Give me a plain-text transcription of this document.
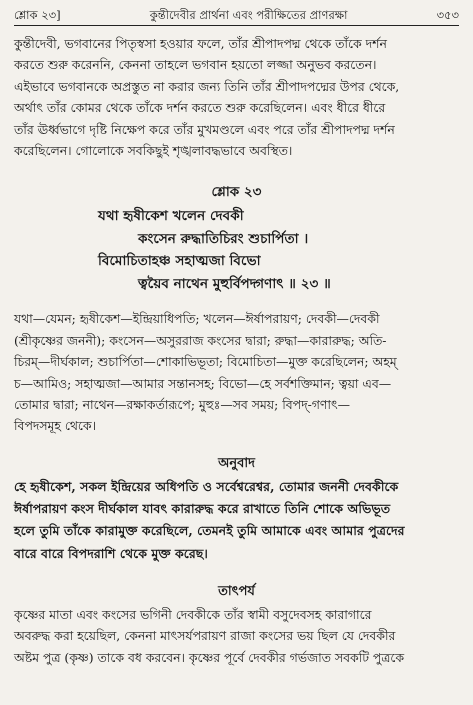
শ্লোক ২৩]	কুন্তীদেবীর প্রার্থনা এবং পরীক্ষিতের প্রাণরক্ষা	৩৫৩

কুন্তীদেবী, ভগবানের পিতৃস্বসা হওয়ার ফলে, তাঁর শ্রীপাদপদ্ম থেকে তাঁকে দর্শন

করতে শুরু করেননি, কেননা তাহলে ভগবান হয়তো লজ্জা অনুভব করতেন।

এইভাবে ভগবানকে অপ্রস্তুত না করার জন্য তিনি তাঁর শ্রীপাদপদ্মের উপর থেকে,

অর্থাৎ তাঁর কোমর থেকে তাঁকে দর্শন করতে শুরু করেছিলেন। এবং ধীরে ধীরে

তাঁর ঊর্ধ্বভাগে দৃষ্টি নিক্ষেপ করে তাঁর মুখমণ্ডলে এবং পরে তাঁর শ্রীপাদপদ্ম দর্শন

করেছিলেন। গোলোকে সবকিছুই শৃঙ্খলাবদ্ধভাবে অবস্থিত।

শ্লোক ২৩

যথা হৃষীকেশ খলেন দেবকী

কংসেন রুদ্ধাতিচিরং শুচার্পিতা ।

বিমোচিতাহঞ্চ সহাত্মজা বিভো

ত্বয়ৈব নাথেন মুহুর্বিপদ্গণাৎ ॥ ২৩ ॥

যথা—যেমন; হৃষীকেশ—ইন্দ্রিয়াধিপতি; খলেন—ঈর্ষাপরায়ণ; দেবকী—দেবকী

(শ্রীকৃষ্ণের জননী); কংসেন—অসুররাজ কংসের দ্বারা; রুদ্ধা—কারারুদ্ধ; অতি-

চিরম্—দীর্ঘকাল; শুচার্পিতা—শোকাভিভূতা; বিমোচিতা—মুক্ত করেছিলেন; অহম্

চ—আমিও; সহাত্মজা—আমার সন্তানসহ; বিভো—হে সর্বশক্তিমান; ত্বয়া এব—

তোমার দ্বারা; নাথেন—রক্ষাকর্তারূপে; মুহুঃ—সব সময়; বিপদ্‌-গণাৎ—

বিপদসমূহ থেকে।

অনুবাদ

হে হৃষীকেশ, সকল ইন্দ্রিয়ের অধিপতি ও সর্বেশ্বরেশ্বর, তোমার জননী দেবকীকে

ঈর্ষাপরায়ণ কংস দীর্ঘকাল যাবৎ কারারুদ্ধ করে রাখাতে তিনি শোকে অভিভূত

হলে তুমি তাঁকে কারামুক্ত করেছিলে, তেমনই তুমি আমাকে এবং আমার পুত্রদের

বারে বারে বিপদরাশি থেকে মুক্ত করেছ।

তাৎপর্য

কৃষ্ণের মাতা এবং কংসের ভগিনী দেবকীকে তাঁর স্বামী বসুদেবসহ কারাগারে

অবরুদ্ধ করা হয়েছিল, কেননা মাৎসর্যপরায়ণ রাজা কংসের ভয় ছিল যে দেবকীর

অষ্টম পুত্র (কৃষ্ণ) তাকে বধ করবেন। কৃষ্ণের পূর্বে দেবকীর গর্ভজাত সবকটি পুত্রকে
